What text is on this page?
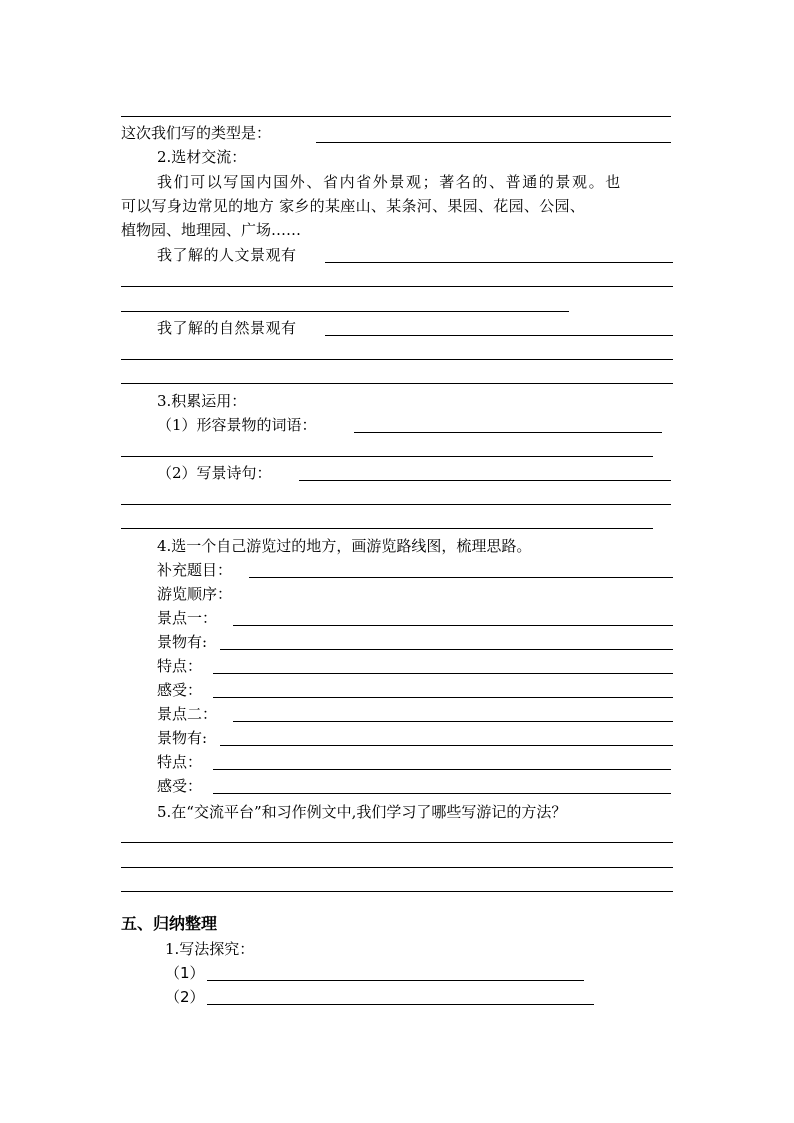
这次我们写的类型是：
2.选材交流：
我们可以写国内国外、省内省外景观；著名的、普通的景观。也
可以写身边常见的地方 家乡的某座山、某条河、果园、花园、公园、
植物园、地理园、广场……
我了解的人文景观有
我了解的自然景观有
3.积累运用：
（1）形容景物的词语：
（2）写景诗句：
4.选一个自己游览过的地方，画游览路线图，梳理思路。
补充题目：
游览顺序：
景点一：
景物有:
特点：
感受：
景点二：
景物有:
特点：
感受：
5.在“交流平台”和习作例文中,我们学习了哪些写游记的方法？
五、归纳整理
1.写法探究：
（1）
（2）
